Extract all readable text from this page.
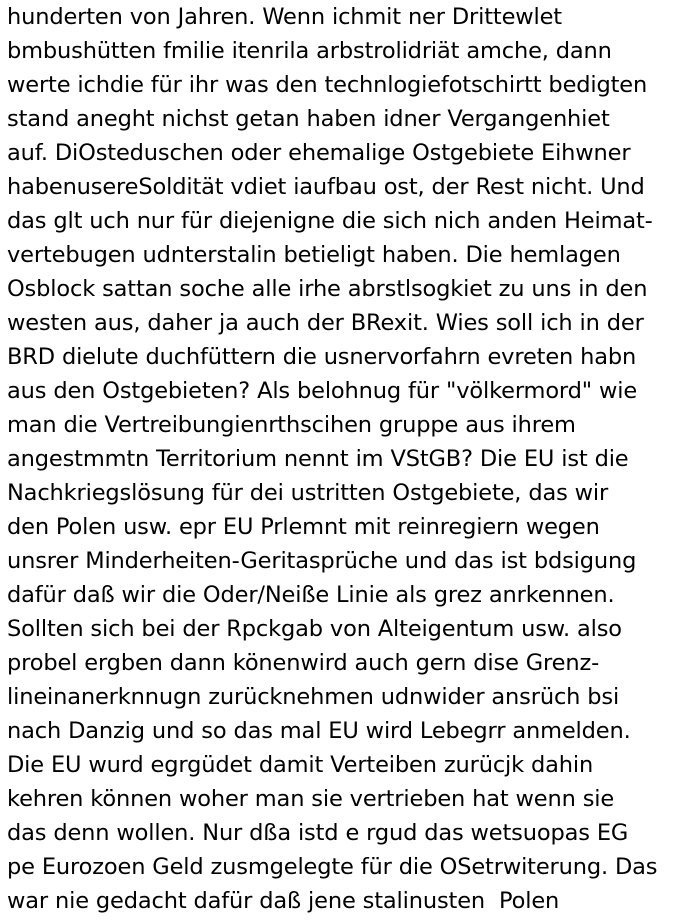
hunderten von Jahren. Wenn ichmit ner Drittewlet
bmbushütten fmilie itenrila arbstrolidriät amche, dann
werte ichdie für ihr was den technlogiefotschirtt bedigten
stand aneght nichst getan haben idner Vergangenhiet
auf. DiOsteduschen oder ehemalige Ostgebiete Eihwner
habenusereSoldität vdiet iaufbau ost, der Rest nicht. Und
das glt uch nur für diejenigne die sich nich anden Heimat-
vertebugen udnterstalin betieligt haben. Die hemlagen
Osblock sattan soche alle irhe abrstlsogkiet zu uns in den
westen aus, daher ja auch der BRexit. Wies soll ich in der
BRD dielute duchfüttern die usnervorfahrn evreten habn
aus den Ostgebieten? Als belohnug für "völkermord" wie
man die Vertreibungienrthscihen gruppe aus ihrem
angestmmtn Territorium nennt im VStGB? Die EU ist die
Nachkriegslösung für dei ustritten Ostgebiete, das wir
den Polen usw. epr EU Prlemnt mit reinregiern wegen
unsrer Minderheiten-Geritasprüche und das ist bdsigung
dafür daß wir die Oder/Neiße Linie als grez anrkennen.
Sollten sich bei der Rpckgab von Alteigentum usw. also
probel ergben dann könenwird auch gern dise Grenz-
lineinanerknnugn zurücknehmen udnwider ansrüch bsi
nach Danzig und so das mal EU wird Lebegrr anmelden.
Die EU wurd egrgüdet damit Verteiben zurücjk dahin
kehren können woher man sie vertrieben hat wenn sie
das denn wollen. Nur dßa istd e rgud das wetsuopas EG
pe Eurozoen Geld zusmgelegte für die OSetrwiterung. Das
war nie gedacht dafür daß jene stalinusten  Polen
